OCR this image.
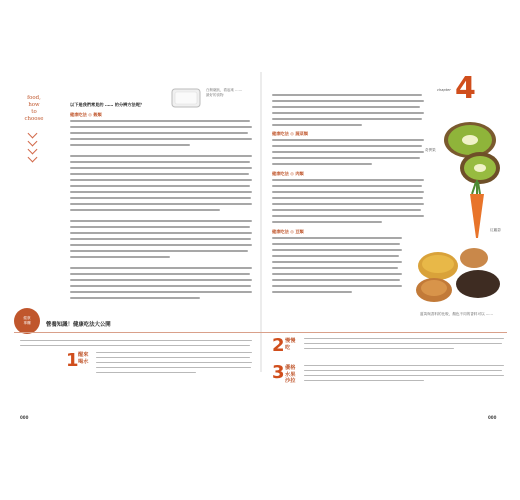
food,
how
to
choose
以下是我們常見的 …… 的分辨方法呢？
白飯碗狀，看起來 …… 最好的食物
健康吃法 ◎ 穀類
健康吃法 ◎ 蔬菜類
健康吃法 ◎ 肉類
健康吃法 ◎ 豆類
chapter 4
奇異果
紅蘿蔔
薑黃與香料的比較，顏色不同的香料可以 ……
健康
專欄	營養知識！健康吃法大公開
1 醒來
喝水
2 慢慢
吃
3 優格
水果
沙拉
000	000
